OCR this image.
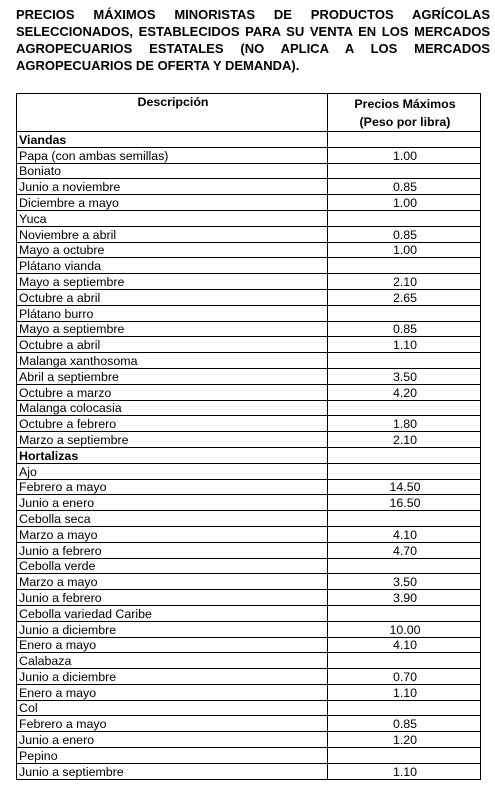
PRECIOS MÁXIMOS MINORISTAS DE PRODUCTOS AGRÍCOLAS SELECCIONADOS, ESTABLECIDOS PARA SU VENTA EN LOS MERCADOS AGROPECUARIOS ESTATALES (NO APLICA A LOS MERCADOS AGROPECUARIOS DE OFERTA Y DEMANDA).

Descripción	Precios Máximos
(Peso por libra)
Viandas	
Papa (con ambas semillas)	1.00
Boniato	
Junio a noviembre	0.85
Diciembre a mayo	1.00
Yuca	
Noviembre a abril	0.85
Mayo a octubre	1.00
Plátano vianda	
Mayo a septiembre	2.10
Octubre a abril	2.65
Plátano burro	
Mayo a septiembre	0.85
Octubre a abril	1.10
Malanga xanthosoma	
Abril a septiembre	3.50
Octubre a marzo	4.20
Malanga colocasia	
Octubre a febrero	1.80
Marzo a septiembre	2.10
Hortalizas	
Ajo	
Febrero a mayo	14.50
Junio a enero	16.50
Cebolla seca	
Marzo a mayo	4.10
Junio a febrero	4.70
Cebolla verde	
Marzo a mayo	3.50
Junio a febrero	3.90
Cebolla variedad Caribe	
Junio a diciembre	10.00
Enero a mayo	4.10
Calabaza	
Junio a diciembre	0.70
Enero a mayo	1.10
Col	
Febrero a mayo	0.85
Junio a enero	1.20
Pepino	
Junio a septiembre	1.10
